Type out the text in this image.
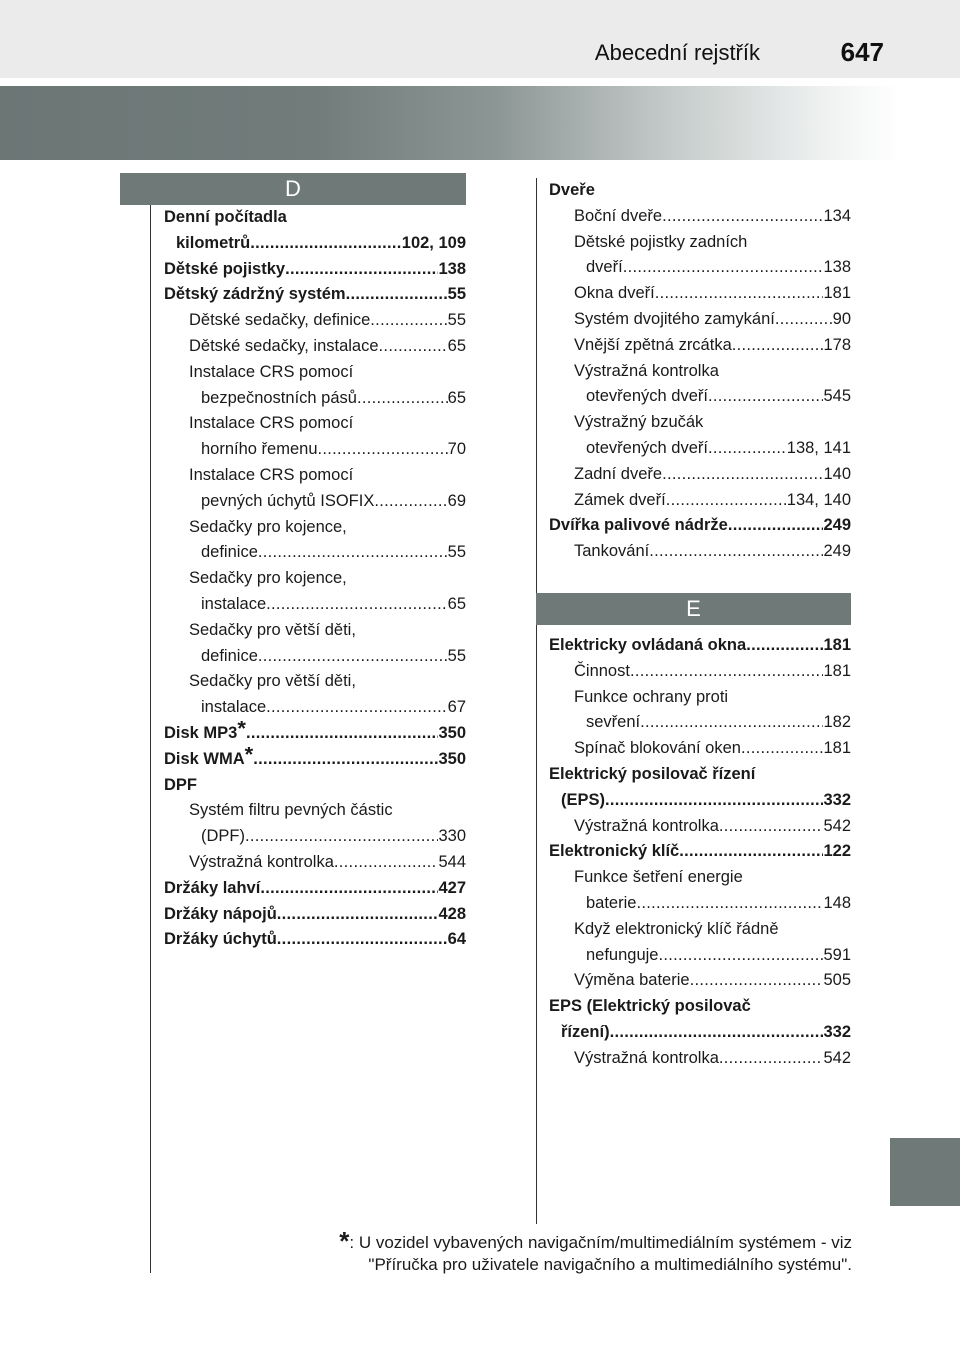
Abecední rejstřík	647
D
Denní počítadla
kilometrů .....	102, 109
Dětské pojistky .....	138
Dětský zádržný systém .....	55
Dětské sedačky, definice .....	55
Dětské sedačky, instalace .....	65
Instalace CRS pomocí
bezpečnostních pásů .....	65
Instalace CRS pomocí
horního řemenu .....	70
Instalace CRS pomocí
pevných úchytů ISOFIX .....	69
Sedačky pro kojence,
definice .....	55
Sedačky pro kojence,
instalace .....	65
Sedačky pro větší děti,
definice .....	55
Sedačky pro větší děti,
instalace .....	67
Disk MP3* .....	350
Disk WMA* .....	350
DPF
Systém filtru pevných částic
(DPF) .....	330
Výstražná kontrolka .....	544
Držáky lahví .....	427
Držáky nápojů .....	428
Držáky úchytů .....	64
Dveře
Boční dveře .....	134
Dětské pojistky zadních
dveří .....	138
Okna dveří .....	181
Systém dvojitého zamykání .....	90
Vnější zpětná zrcátka .....	178
Výstražná kontrolka
otevřených dveří .....	545
Výstražný bzučák
otevřených dveří .....	138, 141
Zadní dveře .....	140
Zámek dveří .....	134, 140
Dvířka palivové nádrže .....	249
Tankování .....	249
E
Elektricky ovládaná okna .....	181
Činnost .....	181
Funkce ochrany proti
sevření .....	182
Spínač blokování oken .....	181
Elektrický posilovač řízení
(EPS) .....	332
Výstražná kontrolka .....	542
Elektronický klíč .....	122
Funkce šetření energie
baterie .....	148
Když elektronický klíč řádně
nefunguje .....	591
Výměna baterie .....	505
EPS (Elektrický posilovač
řízení) .....	332
Výstražná kontrolka .....	542
*: U vozidel vybavených navigačním/multimediálním systémem - viz
"Příručka pro uživatele navigačního a multimediálního systému".
